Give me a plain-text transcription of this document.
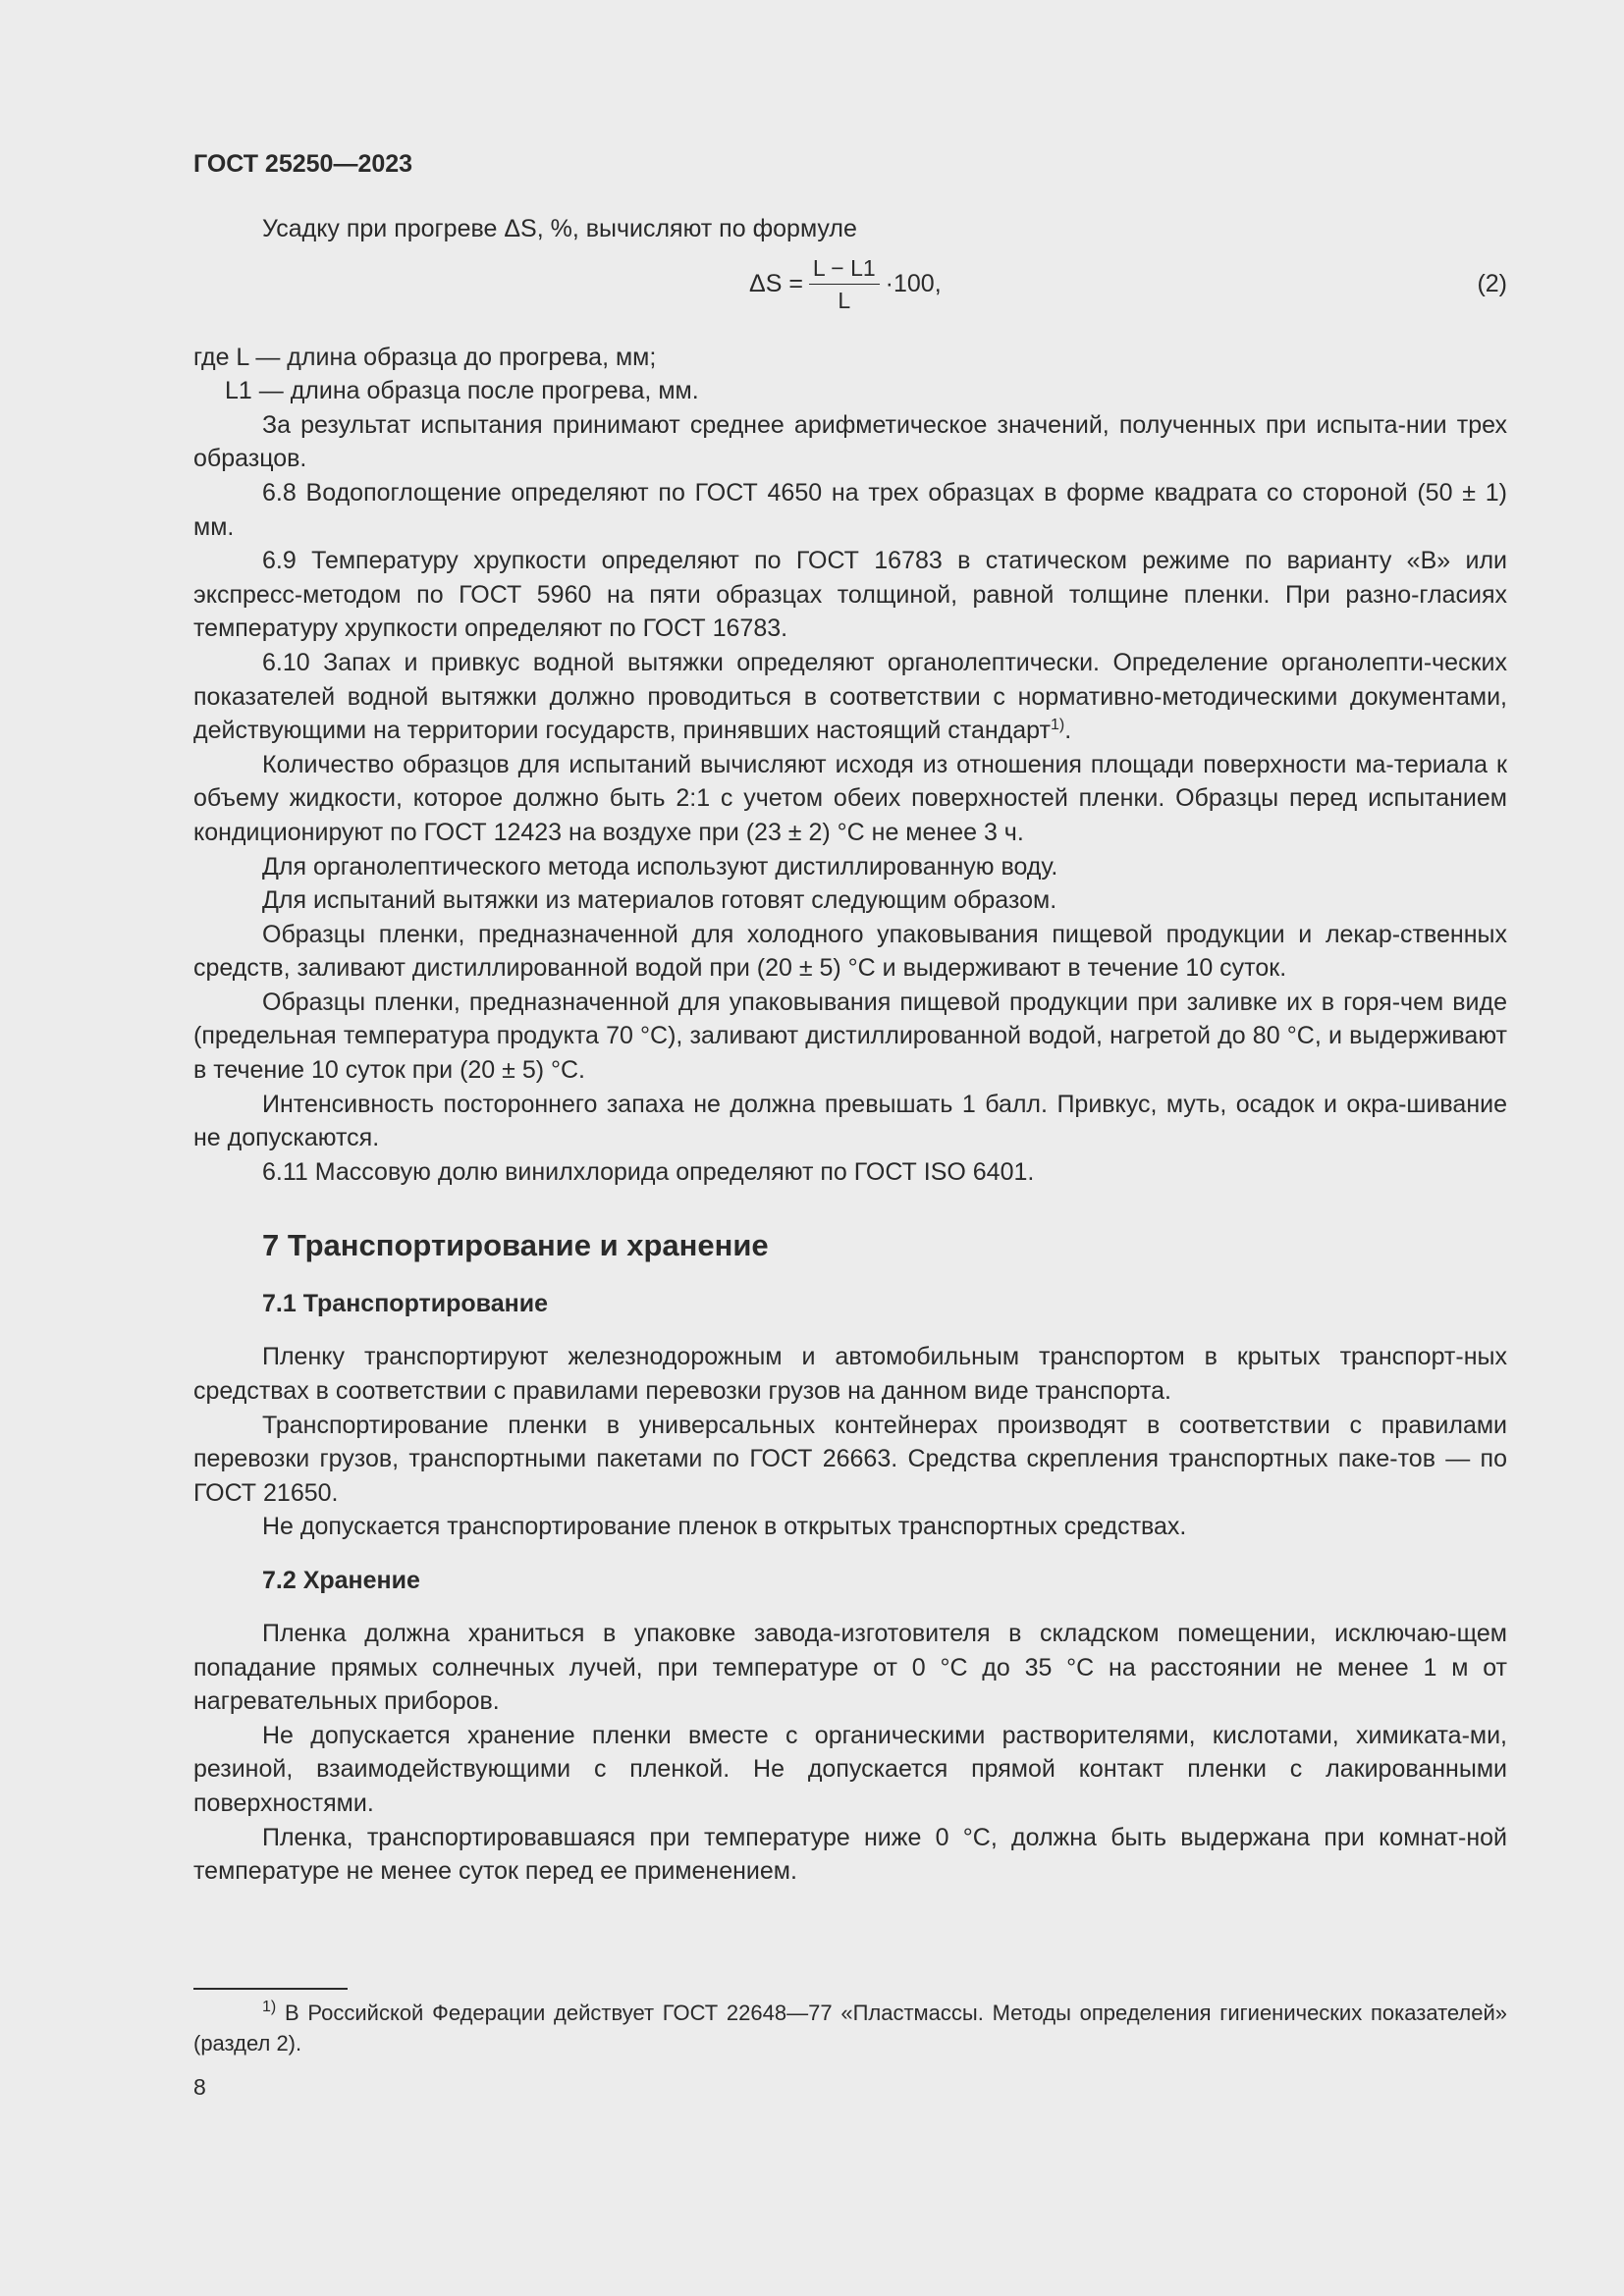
ГОСТ 25250—2023

Усадку при прогреве ΔS, %, вычисляют по формуле

$\Delta S = \frac{L - L1}{L} \cdot 100$,	(2)

где L — длина образца до прогрева, мм;

L1 — длина образца после прогрева, мм.

За результат испытания принимают среднее арифметическое значений, полученных при испыта-нии трех образцов.

6.8 Водопоглощение определяют по ГОСТ 4650 на трех образцах в форме квадрата со стороной (50 ± 1) мм.

6.9 Температуру хрупкости определяют по ГОСТ 16783 в статическом режиме по варианту «В» или экспресс-методом по ГОСТ 5960 на пяти образцах толщиной, равной толщине пленки. При разно-гласиях температуру хрупкости определяют по ГОСТ 16783.

6.10 Запах и привкус водной вытяжки определяют органолептически. Определение органолепти-ческих показателей водной вытяжки должно проводиться в соответствии с нормативно-методическими документами, действующими на территории государств, принявших настоящий стандарт$^{1)}$.

Количество образцов для испытаний вычисляют исходя из отношения площади поверхности ма-териала к объему жидкости, которое должно быть 2:1 с учетом обеих поверхностей пленки. Образцы перед испытанием кондиционируют по ГОСТ 12423 на воздухе при (23 ± 2) °С не менее 3 ч.

Для органолептического метода используют дистиллированную воду.

Для испытаний вытяжки из материалов готовят следующим образом.

Образцы пленки, предназначенной для холодного упаковывания пищевой продукции и лекар-ственных средств, заливают дистиллированной водой при (20 ± 5) °С и выдерживают в течение 10 суток.

Образцы пленки, предназначенной для упаковывания пищевой продукции при заливке их в горя-чем виде (предельная температура продукта 70 °С), заливают дистиллированной водой, нагретой до 80 °С, и выдерживают в течение 10 суток при (20 ± 5) °С.

Интенсивность постороннего запаха не должна превышать 1 балл. Привкус, муть, осадок и окра-шивание не допускаются.

6.11 Массовую долю винилхлорида определяют по ГОСТ ISO 6401.

7 Транспортирование и хранение
7.1 Транспортирование

Пленку транспортируют железнодорожным и автомобильным транспортом в крытых транспорт-ных средствах в соответствии с правилами перевозки грузов на данном виде транспорта.

Транспортирование пленки в универсальных контейнерах производят в соответствии с правилами перевозки грузов, транспортными пакетами по ГОСТ 26663. Средства скрепления транспортных паке-тов — по ГОСТ 21650.

Не допускается транспортирование пленок в открытых транспортных средствах.

7.2 Хранение

Пленка должна храниться в упаковке завода-изготовителя в складском помещении, исключаю-щем попадание прямых солнечных лучей, при температуре от 0 °С до 35 °С на расстоянии не менее 1 м от нагревательных приборов.

Не допускается хранение пленки вместе с органическими растворителями, кислотами, химиката-ми, резиной, взаимодействующими с пленкой. Не допускается прямой контакт пленки с лакированными поверхностями.

Пленка, транспортировавшаяся при температуре ниже 0 °С, должна быть выдержана при комнат-ной температуре не менее суток перед ее применением.

$^{1)}$ В Российской Федерации действует ГОСТ 22648—77 «Пластмассы. Методы определения гигиенических показателей» (раздел 2).
8
